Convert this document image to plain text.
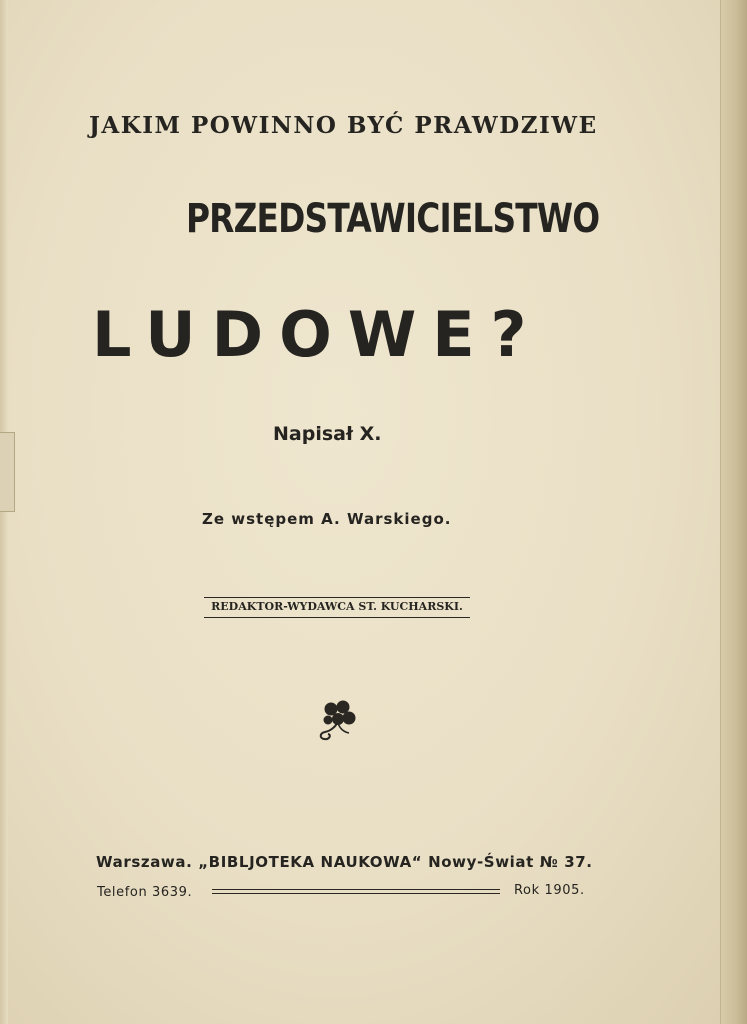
JAKIM POWINNO BYĆ PRAWDZIWE
PRZEDSTAWICIELSTWO
LUDOWE?
Napisał X.
Ze wstępem A. Warskiego.
REDAKTOR-WYDAWCA ST. KUCHARSKI.
Warszawa. „BIBLJOTEKA NAUKOWA“ Nowy-Świat № 37.
Telefon 3639.	Rok 1905.
